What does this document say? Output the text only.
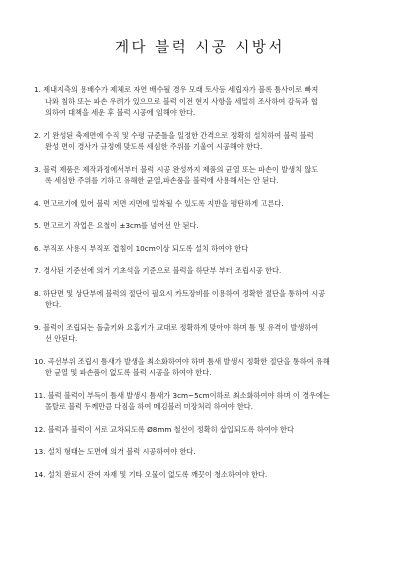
게다 블럭 시공 시방서
1. 제내지측의 용배수가 제체로 자연 배수될 경우 모래 토사등 세립자가 블록 틈사이로 빠져
나와 침하 또는 파손 우려가 있으므로 블럭 이전 현지 사항을 세밀히 조사하여 감독과 협
의하여 대책을 세운 후 블럭 시공에 임해야 한다.
2. 기 완성된 축제면에 수직 및 수평 규준틀을 일정한 간격으로 정확히 설치하여 블럭 블럭
완성 면이 경사가 규정에 맞도록 세심한 주위를 기울여 시공해야 한다.
3. 블럭 제품은 제작과정에서부터 블럭 시공 완성까지 제품의 균열 또는 파손이 발생치 않도
록 세심한 주위를 기하고 유해한 균열,파손품을 블럭에 사용해서는 안 된다.
4. 면고르기에 있어 블럭 저면 지면에 밀착될 수 있도록 지반을 평탄하게 고른다.
5. 면고르기 작업은 요철이 ±3cm를 넘어선 안 된다.
6. 부직포 사용시 부직포 겹침이 10cm이상 되도록 설치 하여야 한다
7. 경사된 기준선에 의거 기초석을 기준으로 블럭을 하단부 부터 조립시공 한다.
8. 하단면 및 상단부에 블럭의 절단이 필요시 카트장비를 이용하여 정확한 절단을 통하여 시공
한다.
9. 블럭이 조립되는 돌출키와 요홈키가 교대로 정확하게 맞아야 하며 틈 및 유격이 발생하여
선 안된다.
10. 곡선부위 조립시 틈새가 발생을 최소화하여야 하며 틈새 발생시 정확한 절단을 통하여 유해
한 균열 및 파손품이 없도록 블럭 시공을 하여야 한다.
11. 블럭 블럭이 부득이 틈새 발생시 틈새가 3cm~5cm이하로 최소화하여야 하며 이 경우에는
몰탈로 블럭 두께만큼 다짐을 하여 메김블러 미장처리 하여야 한다.
12. 블럭과 블럭이 서로 교차되도록 Ø8mm 철선이 정확히 삽입되도록 하여야 한다
13. 설치 형태는 도면에 의거 블럭 시공하여야 한다.
14. 설치 완료시 잔여 자재 및 기타 오물이 없도록 깨끗이 청소하여야 한다.
